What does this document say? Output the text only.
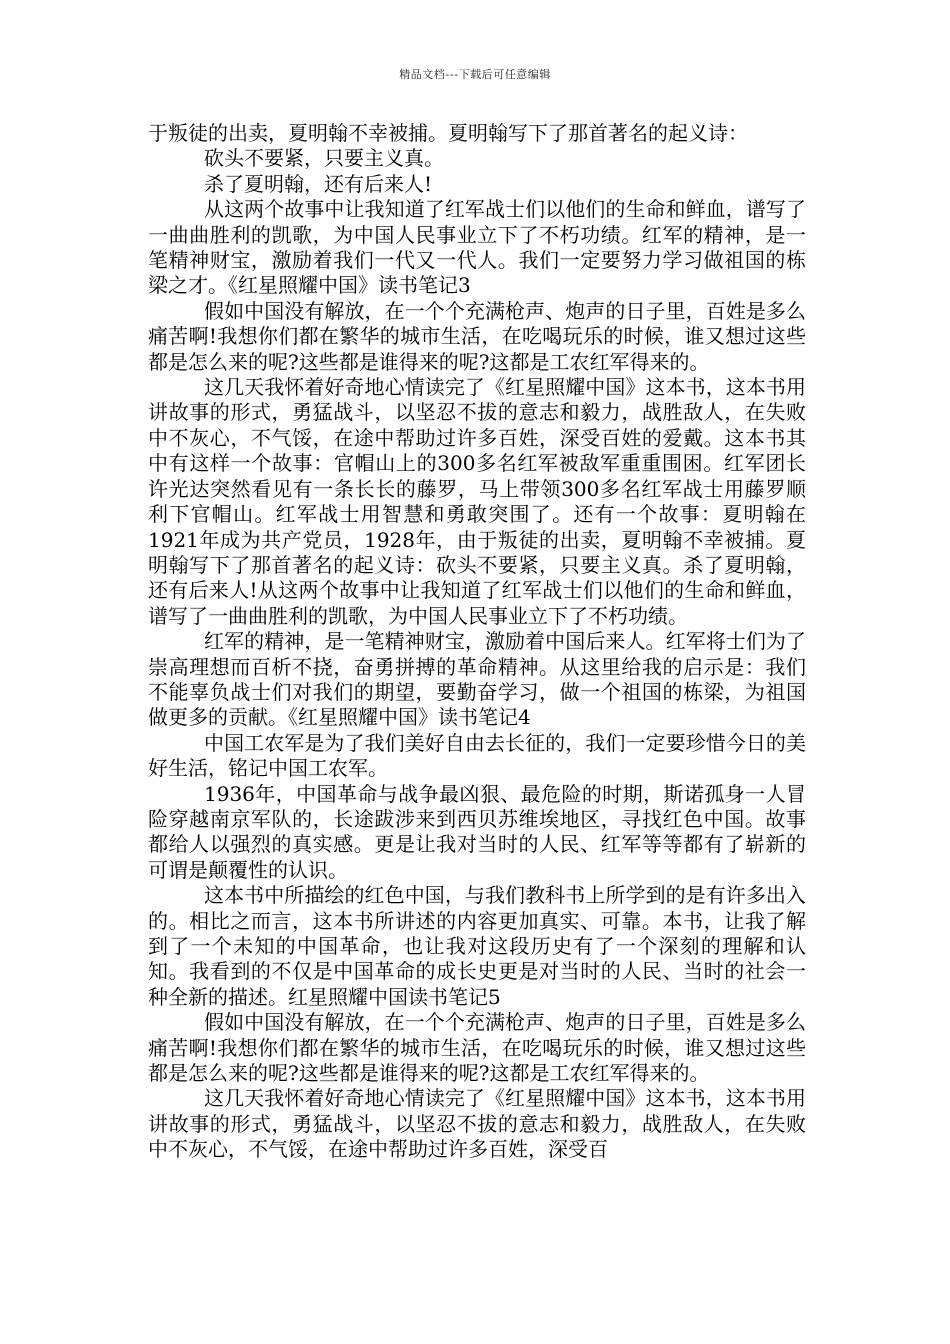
精品文档---下载后可任意编辑

于叛徒的出卖，夏明翰不幸被捕。夏明翰写下了那首著名的起义诗：

砍头不要紧，只要主义真。

杀了夏明翰，还有后来人!

从这两个故事中让我知道了红军战士们以他们的生命和鲜血，谱写了一曲曲胜利的凯歌，为中国人民事业立下了不朽功绩。红军的精神，是一笔精神财宝，激励着我们一代又一代人。我们一定要努力学习做祖国的栋梁之才。《红星照耀中国》读书笔记3

假如中国没有解放，在一个个充满枪声、炮声的日子里，百姓是多么痛苦啊!我想你们都在繁华的城市生活，在吃喝玩乐的时候，谁又想过这些都是怎么来的呢?这些都是谁得来的呢?这都是工农红军得来的。

这几天我怀着好奇地心情读完了《红星照耀中国》这本书，这本书用讲故事的形式，勇猛战斗，以坚忍不拔的意志和毅力，战胜敌人，在失败中不灰心，不气馁，在途中帮助过许多百姓，深受百姓的爱戴。这本书其中有这样一个故事：官帽山上的300多名红军被敌军重重围困。红军团长许光达突然看见有一条长长的藤罗，马上带领300多名红军战士用藤罗顺利下官帽山。红军战士用智慧和勇敢突围了。还有一个故事：夏明翰在1921年成为共产党员，1928年，由于叛徒的出卖，夏明翰不幸被捕。夏明翰写下了那首著名的起义诗：砍头不要紧，只要主义真。杀了夏明翰，还有后来人!从这两个故事中让我知道了红军战士们以他们的生命和鲜血，谱写了一曲曲胜利的凯歌，为中国人民事业立下了不朽功绩。

红军的精神，是一笔精神财宝，激励着中国后来人。红军将士们为了崇高理想而百析不挠，奋勇拼搏的革命精神。从这里给我的启示是：我们不能辜负战士们对我们的期望，要勤奋学习，做一个祖国的栋梁，为祖国做更多的贡献。《红星照耀中国》读书笔记4

中国工农军是为了我们美好自由去长征的，我们一定要珍惜今日的美好生活，铭记中国工农军。

1936年，中国革命与战争最凶狠、最危险的时期，斯诺孤身一人冒险穿越南京军队的，长途跋涉来到西贝苏维埃地区，寻找红色中国。故事都给人以强烈的真实感。更是让我对当时的人民、红军等等都有了崭新的可谓是颠覆性的认识。

这本书中所描绘的红色中国，与我们教科书上所学到的是有许多出入的。相比之而言，这本书所讲述的内容更加真实、可靠。本书，让我了解到了一个未知的中国革命，也让我对这段历史有了一个深刻的理解和认知。我看到的不仅是中国革命的成长史更是对当时的人民、当时的社会一种全新的描述。红星照耀中国读书笔记5

假如中国没有解放，在一个个充满枪声、炮声的日子里，百姓是多么痛苦啊!我想你们都在繁华的城市生活，在吃喝玩乐的时候，谁又想过这些都是怎么来的呢?这些都是谁得来的呢?这都是工农红军得来的。

这几天我怀着好奇地心情读完了《红星照耀中国》这本书，这本书用讲故事的形式，勇猛战斗，以坚忍不拔的意志和毅力，战胜敌人，在失败中不灰心，不气馁，在途中帮助过许多百姓，深受百
